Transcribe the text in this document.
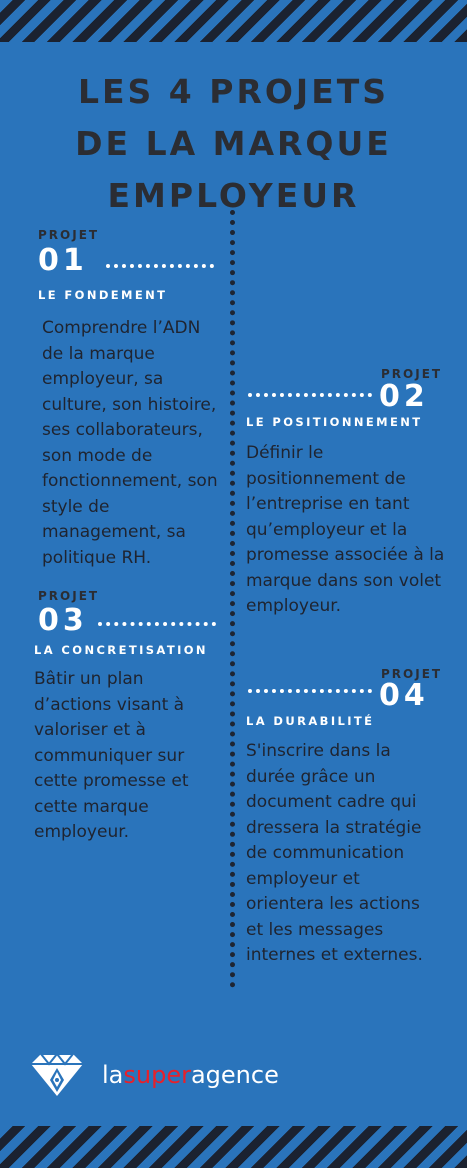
LES 4 PROJETS
DE LA MARQUE
EMPLOYEUR
PROJET
01
LE FONDEMENT
Comprendre l’ADN de la marque employeur, sa culture, son histoire, ses collaborateurs, son mode de fonctionnement, son style de management, sa politique RH.
PROJET
02
LE POSITIONNEMENT
Définir le positionnement de l’entreprise en tant qu’employeur et la promesse associée à la marque dans son volet employeur.
PROJET
03
LA CONCRETISATION
Bâtir un plan d’actions visant à valoriser et à communiquer sur cette promesse et cette marque employeur.
PROJET
04
LA DURABILITÉ
S'inscrire dans la durée grâce un document cadre qui dressera la stratégie de communication employeur et orientera les actions et les messages internes et externes.
lasuperagence
